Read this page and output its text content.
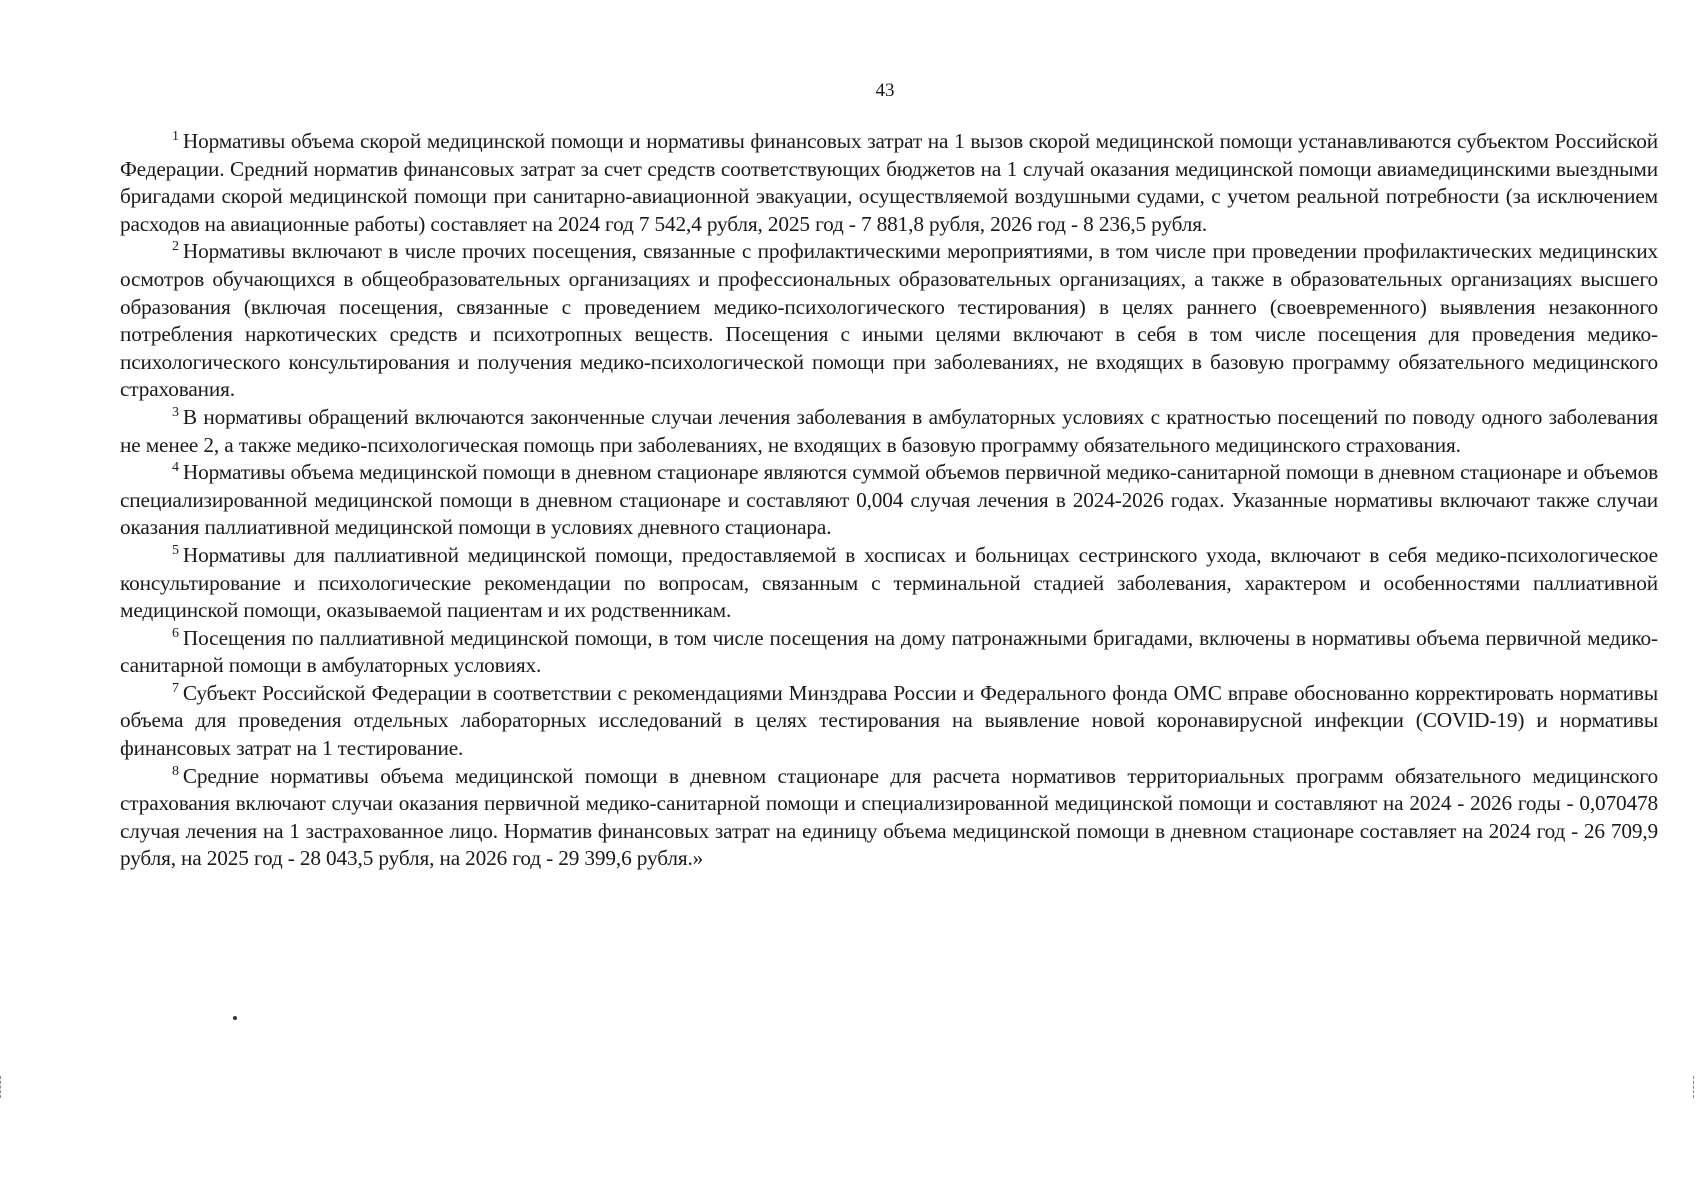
43

$^1$ Нормативы объема скорой медицинской помощи и нормативы финансовых затрат на 1 вызов скорой медицинской помощи устанавливаются субъектом Российской Федерации. Средний норматив финансовых затрат за счет средств соответствующих бюджетов на 1 случай оказания медицинской помощи авиамедицинскими выездными бригадами скорой медицинской помощи при санитарно-авиационной эвакуации, осуществляемой воздушными судами, с учетом реальной потребности (за исключением расходов на авиационные работы) составляет на 2024 год 7 542,4 рубля, 2025 год - 7 881,8 рубля, 2026 год - 8 236,5 рубля.

$^2$ Нормативы включают в числе прочих посещения, связанные с профилактическими мероприятиями, в том числе при проведении профилактических медицинских осмотров обучающихся в общеобразовательных организациях и профессиональных образовательных организациях, а также в образовательных организациях высшего образования (включая посещения, связанные с проведением медико-психологического тестирования) в целях раннего (своевременного) выявления незаконного потребления наркотических средств и психотропных веществ. Посещения с иными целями включают в себя в том числе посещения для проведения медико-психологического консультирования и получения медико-психологической помощи при заболеваниях, не входящих в базовую программу обязательного медицинского страхования.

$^3$ В нормативы обращений включаются законченные случаи лечения заболевания в амбулаторных условиях с кратностью посещений по поводу одного заболевания не менее 2, а также медико-психологическая помощь при заболеваниях, не входящих в базовую программу обязательного медицинского страхования.

$^4$ Нормативы объема медицинской помощи в дневном стационаре являются суммой объемов первичной медико-санитарной помощи в дневном стационаре и объемов специализированной медицинской помощи в дневном стационаре и составляют 0,004 случая лечения в 2024-2026 годах. Указанные нормативы включают также случаи оказания паллиативной медицинской помощи в условиях дневного стационара.

$^5$ Нормативы для паллиативной медицинской помощи, предоставляемой в хосписах и больницах сестринского ухода, включают в себя медико-психологическое консультирование и психологические рекомендации по вопросам, связанным с терминальной стадией заболевания, характером и особенностями паллиативной медицинской помощи, оказываемой пациентам и их родственникам.

$^6$ Посещения по паллиативной медицинской помощи, в том числе посещения на дому патронажными бригадами, включены в нормативы объема первичной медико-санитарной помощи в амбулаторных условиях.

$^7$ Субъект Российской Федерации в соответствии с рекомендациями Минздрава России и Федерального фонда ОМС вправе обоснованно корректировать нормативы объема для проведения отдельных лабораторных исследований в целях тестирования на выявление новой коронавирусной инфекции (COVID-19) и нормативы финансовых затрат на 1 тестирование.

$^8$ Средние нормативы объема медицинской помощи в дневном стационаре для расчета нормативов территориальных программ обязательного медицинского страхования включают случаи оказания первичной медико-санитарной помощи и специализированной медицинской помощи и составляют на 2024 - 2026 годы - 0,070478 случая лечения на 1 застрахованное лицо. Норматив финансовых затрат на единицу объема медицинской помощи в дневном стационаре составляет на 2024 год - 26 709,9 рубля, на 2025 год - 28 043,5 рубля, на 2026 год - 29 399,6 рубля.»
